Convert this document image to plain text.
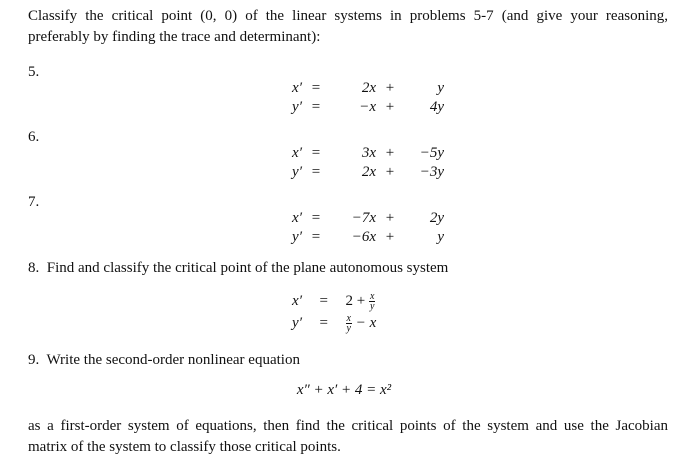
Classify the critical point (0, 0) of the linear systems in problems 5-7 (and give your reasoning,
preferably by finding the trace and determinant):
5.
x′ =	2x +	y
y′ =	−x +	4y
6.
x′ =	3x +	−5y
y′ =	2x +	−3y
7.
x′ =	−7x +	2y
y′ =	−6x +	y
8. Find and classify the critical point of the plane autonomous system
$x' = 2 + \frac{x}{y}$
$y' = \frac{x}{y} - x$
9. Write the second-order nonlinear equation
x″ + x′ + 4 = x²
as a first-order system of equations, then find the critical points of the system and use the Jacobian
matrix of the system to classify those critical points.
